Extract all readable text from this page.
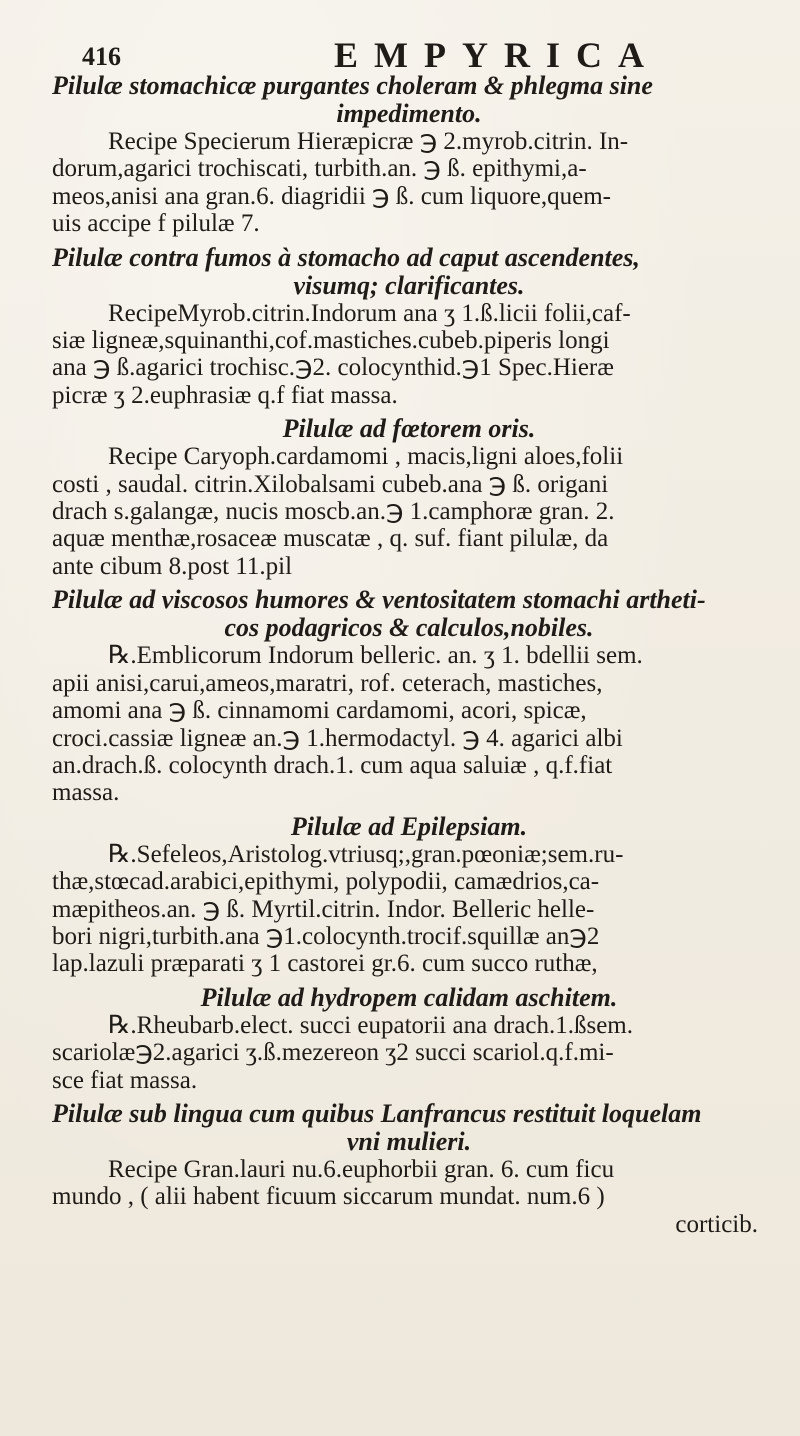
416	EMPYRICA
Pilulæ stomachicæ purgantes choleram & phlegma sine
impedimento.

Recipe Specierum Hieræpicræ ℈ 2.myrob.citrin. In-
dorum,agarici trochiscati, turbith.an. ℈ ß. epithymi,a-
meos,anisi ana gran.6. diagridii ℈ ß. cum liquore,quem-
uis accipe f pilulæ 7.

Pilulæ contra fumos à stomacho ad caput ascendentes,
visumq; clarificantes.

RecipeMyrob.citrin.Indorum ana ʒ 1.ß.licii folii,caf-
siæ ligneæ,squinanthi,cof.mastiches.cubeb.piperis longi
ana ℈ ß.agarici trochisc.℈2. colocynthid.℈1 Spec.Hieræ
picræ ʒ 2.euphrasiæ q.f fiat massa.

Pilulæ ad fœtorem oris.

Recipe Caryoph.cardamomi , macis,ligni aloes,folii
costi , saudal. citrin.Xilobalsami cubeb.ana ℈ ß. origani
drach s.galangæ, nucis moscb.an.℈ 1.camphoræ gran. 2.
aquæ menthæ,rosaceæ muscatæ , q. suf. fiant pilulæ, da
ante cibum 8.post 11.pil

Pilulæ ad viscosos humores & ventositatem stomachi artheti-
cos podagricos & calculos,nobiles.

℞.Emblicorum Indorum belleric. an. ʒ 1. bdellii sem.
apii anisi,carui,ameos,maratri, rof. ceterach, mastiches,
amomi ana ℈ ß. cinnamomi cardamomi, acori, spicæ,
croci.cassiæ ligneæ an.℈ 1.hermodactyl. ℈ 4. agarici albi
an.drach.ß. colocynth drach.1. cum aqua saluiæ , q.f.fiat
massa.

Pilulæ ad Epilepsiam.

℞.Sefeleos,Aristolog.vtriusq;,gran.pœoniæ;sem.ru-
thæ,stœcad.arabici,epithymi, polypodii, camædrios,ca-
mæpitheos.an. ℈ ß. Myrtil.citrin. Indor. Belleric helle-
bori nigri,turbith.ana ℈1.colocynth.trocif.squillæ an℈2
lap.lazuli præparati ʒ 1 castorei gr.6. cum succo ruthæ,

Pilulæ ad hydropem calidam aschitem.

℞.Rheubarb.elect. succi eupatorii ana drach.1.ßsem.
scariolæ℈2.agarici ʒ.ß.mezereon ʒ2 succi scariol.q.f.mi-
sce fiat massa.

Pilulæ sub lingua cum quibus Lanfrancus restituit loquelam
vni mulieri.

Recipe Gran.lauri nu.6.euphorbii gran. 6. cum ficu
mundo , ( alii habent ficuum siccarum mundat. num.6 )
corticib.
